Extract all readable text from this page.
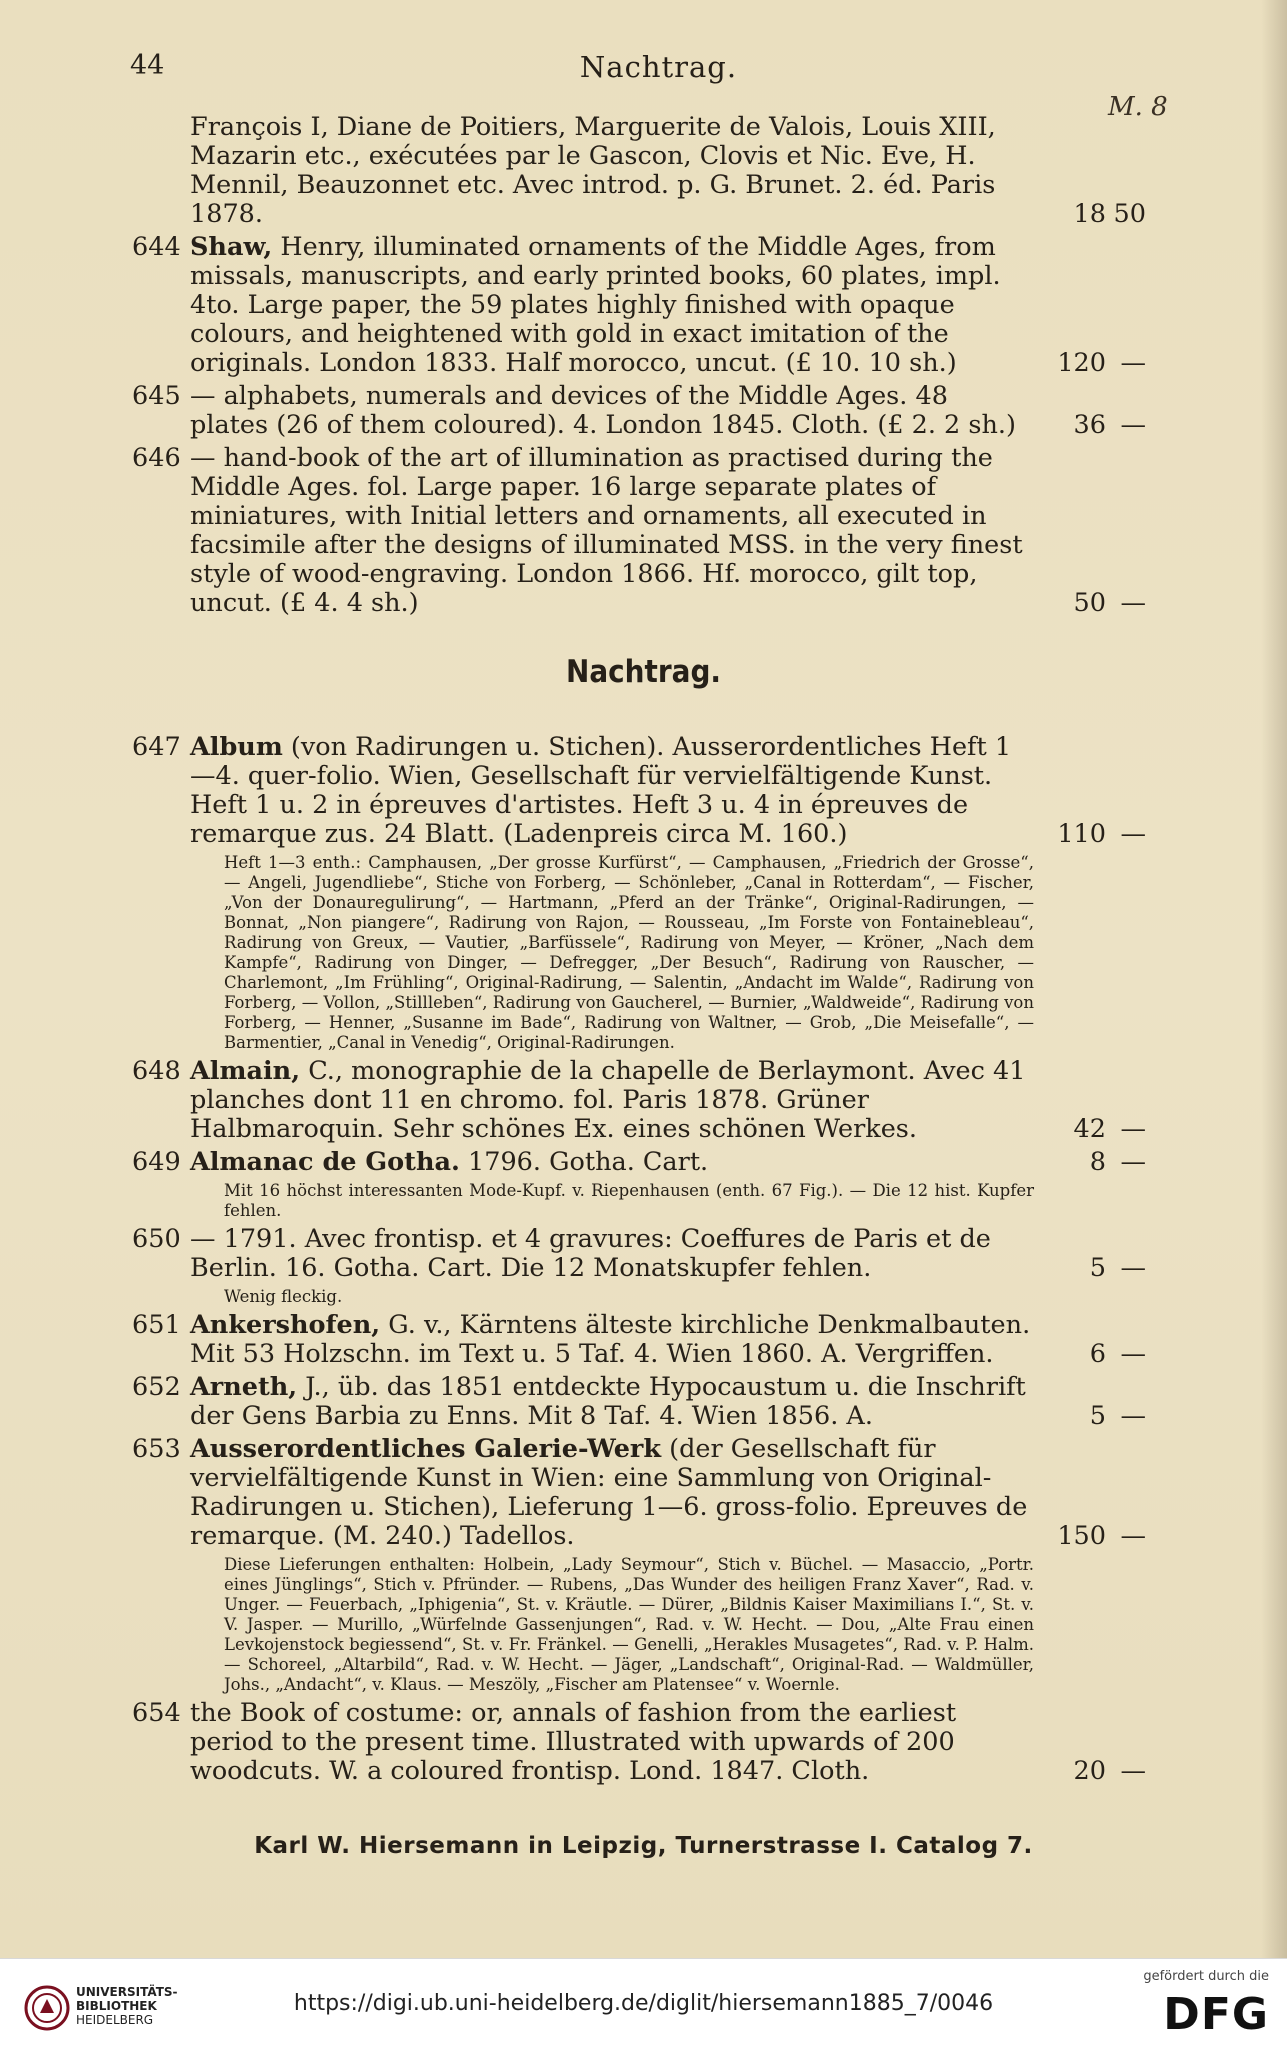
44	Nachtrag.
M. 8
François I, Diane de Poitiers, Marguerite de Valois, Louis XIII, Mazarin etc., exécutées par le Gascon, Clovis et Nic. Eve, H. Mennil, Beauzonnet etc. Avec introd. p. G. Brunet. 2. éd. Paris 1878.	18 50
644 Shaw, Henry, illuminated ornaments of the Middle Ages, from missals, manuscripts, and early printed books, 60 plates, impl. 4to. Large paper, the 59 plates highly finished with opaque colours, and heightened with gold in exact imitation of the originals. London 1833. Half morocco, uncut. (£ 10. 10 sh.)	120 —
645 — alphabets, numerals and devices of the Middle Ages. 48 plates (26 of them coloured). 4. London 1845. Cloth. (£ 2. 2 sh.)	36 —
646 — hand-book of the art of illumination as practised during the Middle Ages. fol. Large paper. 16 large separate plates of miniatures, with Initial letters and ornaments, all executed in facsimile after the designs of illuminated MSS. in the very finest style of wood-engraving. London 1866. Hf. morocco, gilt top, uncut. (£ 4. 4 sh.)	50 —
Nachtrag.
647 Album (von Radirungen u. Stichen). Ausserordentliches Heft 1—4. quer-folio. Wien, Gesellschaft für vervielfältigende Kunst. Heft 1 u. 2 in épreuves d'artistes. Heft 3 u. 4 in épreuves de remarque zus. 24 Blatt. (Ladenpreis circa M. 160.)	110 —
Heft 1—3 enth.: Camphausen, „Der grosse Kurfürst“, — Camphausen, „Friedrich der Grosse“, — Angeli, Jugendliebe“, Stiche von Forberg, — Schönleber, „Canal in Rotterdam“, — Fischer, „Von der Donauregulirung“, — Hartmann, „Pferd an der Tränke“, Original-Radirungen, — Bonnat, „Non piangere“, Radirung von Rajon, — Rousseau, „Im Forste von Fontainebleau“, Radirung von Greux, — Vautier, „Barfüssele“, Radirung von Meyer, — Kröner, „Nach dem Kampfe“, Radirung von Dinger, — Defregger, „Der Besuch“, Radirung von Rauscher, — Charlemont, „Im Frühling“, Original-Radirung, — Salentin, „Andacht im Walde“, Radirung von Forberg, — Vollon, „Stillleben“, Radirung von Gaucherel, — Burnier, „Waldweide“, Radirung von Forberg, — Henner, „Susanne im Bade“, Radirung von Waltner, — Grob, „Die Meisefalle“, — Barmentier, „Canal in Venedig“, Original-Radirungen.
648 Almain, C., monographie de la chapelle de Berlaymont. Avec 41 planches dont 11 en chromo. fol. Paris 1878. Grüner Halbmaroquin. Sehr schönes Ex. eines schönen Werkes.	42 —
649 Almanac de Gotha. 1796. Gotha. Cart.	8 —
Mit 16 höchst interessanten Mode-Kupf. v. Riepenhausen (enth. 67 Fig.). — Die 12 hist. Kupfer fehlen.
650 — 1791. Avec frontisp. et 4 gravures: Coeffures de Paris et de Berlin. 16. Gotha. Cart. Die 12 Monatskupfer fehlen.	5 —
Wenig fleckig.
651 Ankershofen, G. v., Kärntens älteste kirchliche Denkmalbauten. Mit 53 Holzschn. im Text u. 5 Taf. 4. Wien 1860. A. Vergriffen.	6 —
652 Arneth, J., üb. das 1851 entdeckte Hypocaustum u. die Inschrift der Gens Barbia zu Enns. Mit 8 Taf. 4. Wien 1856. A.	5 —
653 Ausserordentliches Galerie-Werk (der Gesellschaft für vervielfältigende Kunst in Wien: eine Sammlung von Original-Radirungen u. Stichen), Lieferung 1—6. gross-folio. Epreuves de remarque. (M. 240.) Tadellos.	150 —
Diese Lieferungen enthalten: Holbein, „Lady Seymour“, Stich v. Büchel. — Masaccio, „Portr. eines Jünglings“, Stich v. Pfründer. — Rubens, „Das Wunder des heiligen Franz Xaver“, Rad. v. Unger. — Feuerbach, „Iphigenia“, St. v. Kräutle. — Dürer, „Bildnis Kaiser Maximilians I.“, St. v. V. Jasper. — Murillo, „Würfelnde Gassenjungen“, Rad. v. W. Hecht. — Dou, „Alte Frau einen Levkojenstock begiessend“, St. v. Fr. Fränkel. — Genelli, „Herakles Musagetes“, Rad. v. P. Halm. — Schoreel, „Altarbild“, Rad. v. W. Hecht. — Jäger, „Landschaft“, Original-Rad. — Waldmüller, Johs., „Andacht“, v. Klaus. — Meszöly, „Fischer am Platensee“ v. Woernle.
654 the Book of costume: or, annals of fashion from the earliest period to the present time. Illustrated with upwards of 200 woodcuts. W. a coloured frontisp. Lond. 1847. Cloth.	20 —
Karl W. Hiersemann in Leipzig, Turnerstrasse I. Catalog 7.
UNIVERSITÄTS-
BIBLIOTHEK
HEIDELBERG
https://digi.ub.uni-heidelberg.de/diglit/hiersemann1885_7/0046
gefördert durch die
DFG
